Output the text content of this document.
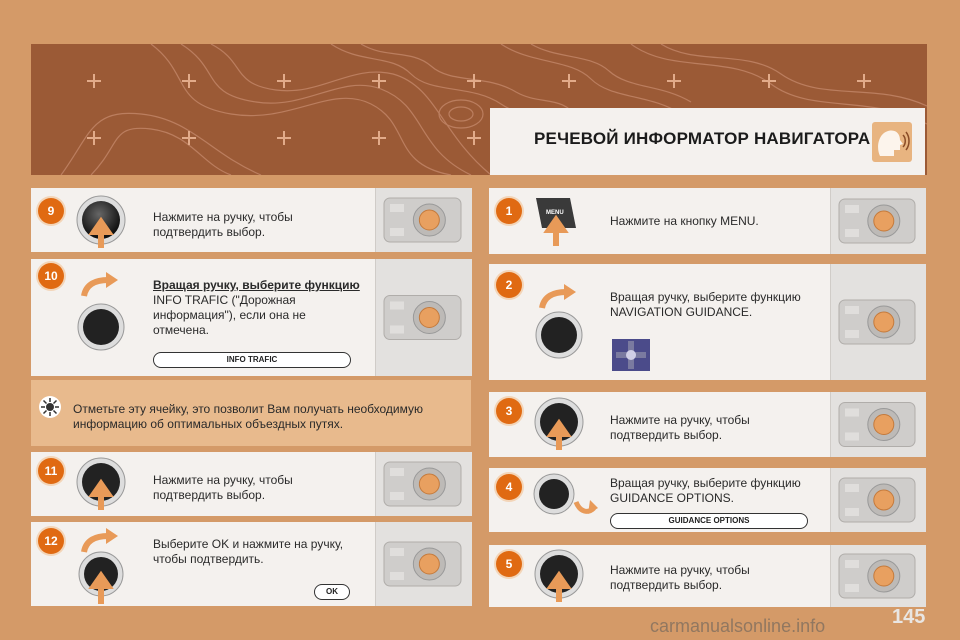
РЕЧЕВОЙ ИНФОРМАТОР НАВИГАТОРА
9	Нажмите на ручку, чтобы подтвердить выбор.
10
Вращая ручку, выберите функцию
INFO TRAFIC ("Дорожная информация"), если она не отмечена.
INFO TRAFIC
Отметьте эту ячейку, это позволит Вам получать необходимую информацию об оптимальных объездных путях.
11
Нажмите на ручку, чтобы подтвердить выбор.
12	Выберите OK и нажмите на ручку, чтобы подтвердить.
OK
1	MENU
Нажмите на кнопку MENU.
2
Вращая ручку, выберите функцию NAVIGATION GUIDANCE.
3
Нажмите на ручку, чтобы подтвердить выбор.
4	Вращая ручку, выберите функцию GUIDANCE OPTIONS.
GUIDANCE OPTIONS
5	Нажмите на ручку, чтобы подтвердить выбор.
carmanualsonline.info	145
